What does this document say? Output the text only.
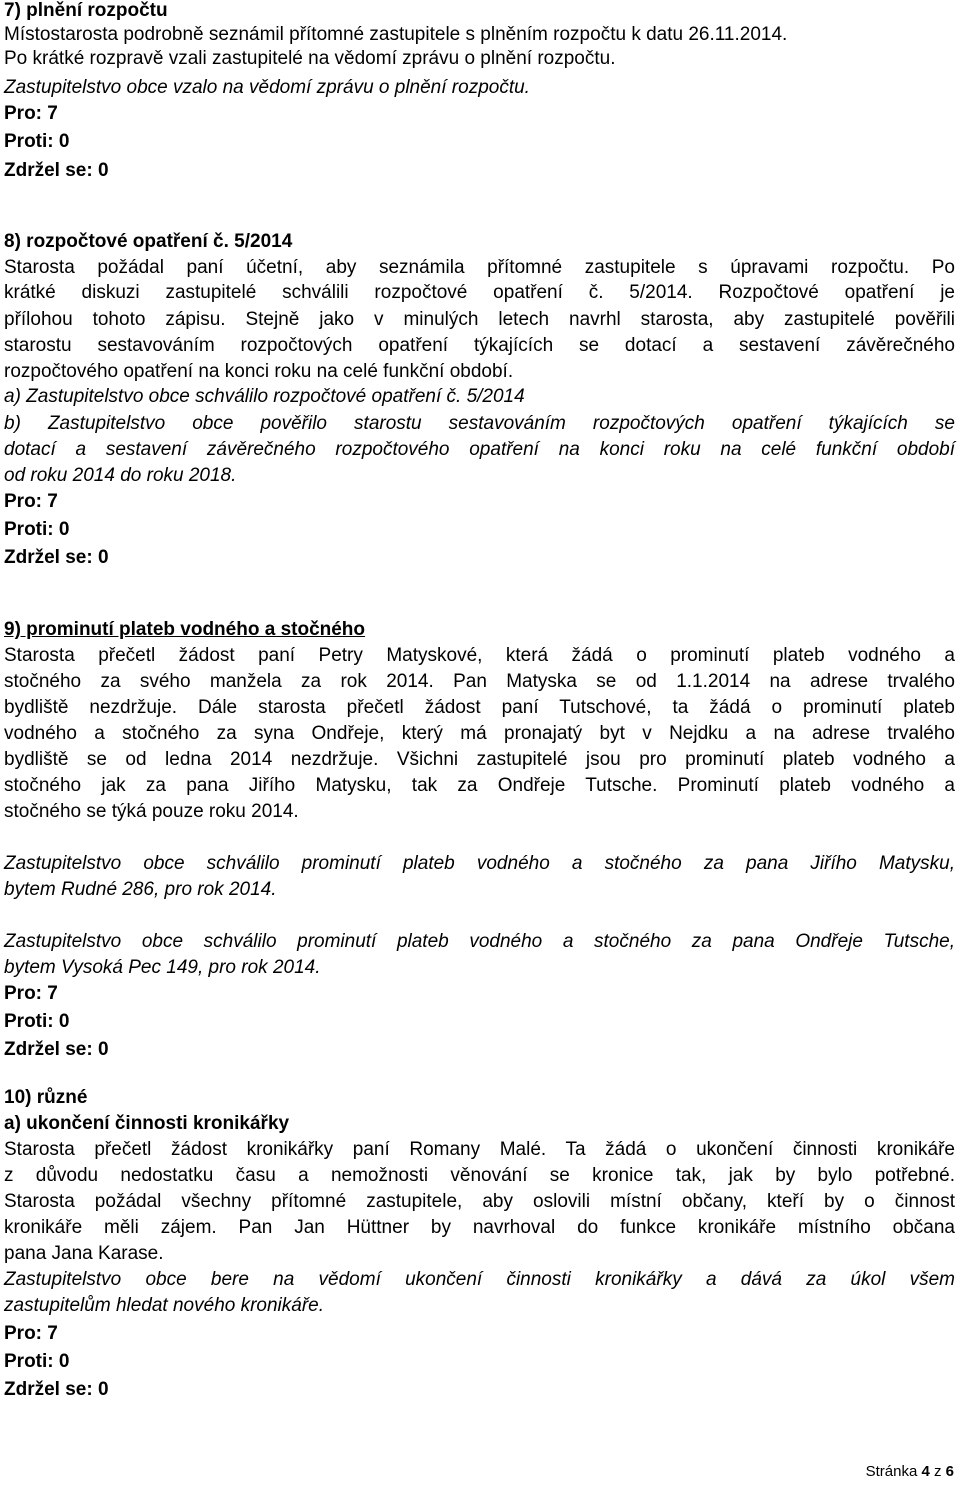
7) plnění rozpočtu
Místostarosta podrobně seznámil přítomné zastupitele s plněním rozpočtu k datu 26.11.2014.
Po krátké rozpravě vzali zastupitelé na vědomí zprávu o plnění rozpočtu.
Zastupitelstvo obce vzalo na vědomí zprávu o plnění rozpočtu.
Pro: 7
Proti: 0
Zdržel se: 0
8) rozpočtové opatření č. 5/2014
Starosta požádal paní účetní, aby seznámila přítomné zastupitele s úpravami rozpočtu. Po
krátké diskuzi zastupitelé schválili rozpočtové opatření č. 5/2014. Rozpočtové opatření je
přílohou tohoto zápisu. Stejně jako v minulých letech navrhl starosta, aby zastupitelé pověřili
starostu sestavováním rozpočtových opatření týkajících se dotací a sestavení závěrečného
rozpočtového opatření na konci roku na celé funkční období.
a) Zastupitelstvo obce schválilo rozpočtové opatření č. 5/2014
b) Zastupitelstvo obce pověřilo starostu sestavováním rozpočtových opatření týkajících se
dotací a sestavení závěrečného rozpočtového opatření na konci roku na celé funkční období
od roku 2014 do roku 2018.
Pro: 7
Proti: 0
Zdržel se: 0
9) prominutí plateb vodného a stočného
Starosta přečetl žádost paní Petry Matyskové, která žádá o prominutí plateb vodného a
stočného za svého manžela za rok 2014. Pan Matyska se od 1.1.2014 na adrese trvalého
bydliště nezdržuje. Dále starosta přečetl žádost paní Tutschové, ta žádá o prominutí plateb
vodného a stočného za syna Ondřeje, který má pronajatý byt v Nejdku a na adrese trvalého
bydliště se od ledna 2014 nezdržuje. Všichni zastupitelé jsou pro prominutí plateb vodného a
stočného jak za pana Jiřího Matysku, tak za Ondřeje Tutsche. Prominutí plateb vodného a
stočného se týká pouze roku 2014.
Zastupitelstvo obce schválilo prominutí plateb vodného a stočného za pana Jiřího Matysku,
bytem Rudné 286, pro rok 2014.
Zastupitelstvo obce schválilo prominutí plateb vodného a stočného za pana Ondřeje Tutsche,
bytem Vysoká Pec 149, pro rok 2014.
Pro: 7
Proti: 0
Zdržel se: 0
10) různé
a) ukončení činnosti kronikářky
Starosta přečetl žádost kronikářky paní Romany Malé. Ta žádá o ukončení činnosti kronikáře
z důvodu nedostatku času a nemožnosti věnování se kronice tak, jak by bylo potřebné.
Starosta požádal všechny přítomné zastupitele, aby oslovili místní občany, kteří by o činnost
kronikáře měli zájem. Pan Jan Hüttner by navrhoval do funkce kronikáře místního občana
pana Jana Karase.
Zastupitelstvo obce bere na vědomí ukončení činnosti kronikářky a dává za úkol všem
zastupitelům hledat nového kronikáře.
Pro: 7
Proti: 0
Zdržel se: 0
Stránka 4 z 6
